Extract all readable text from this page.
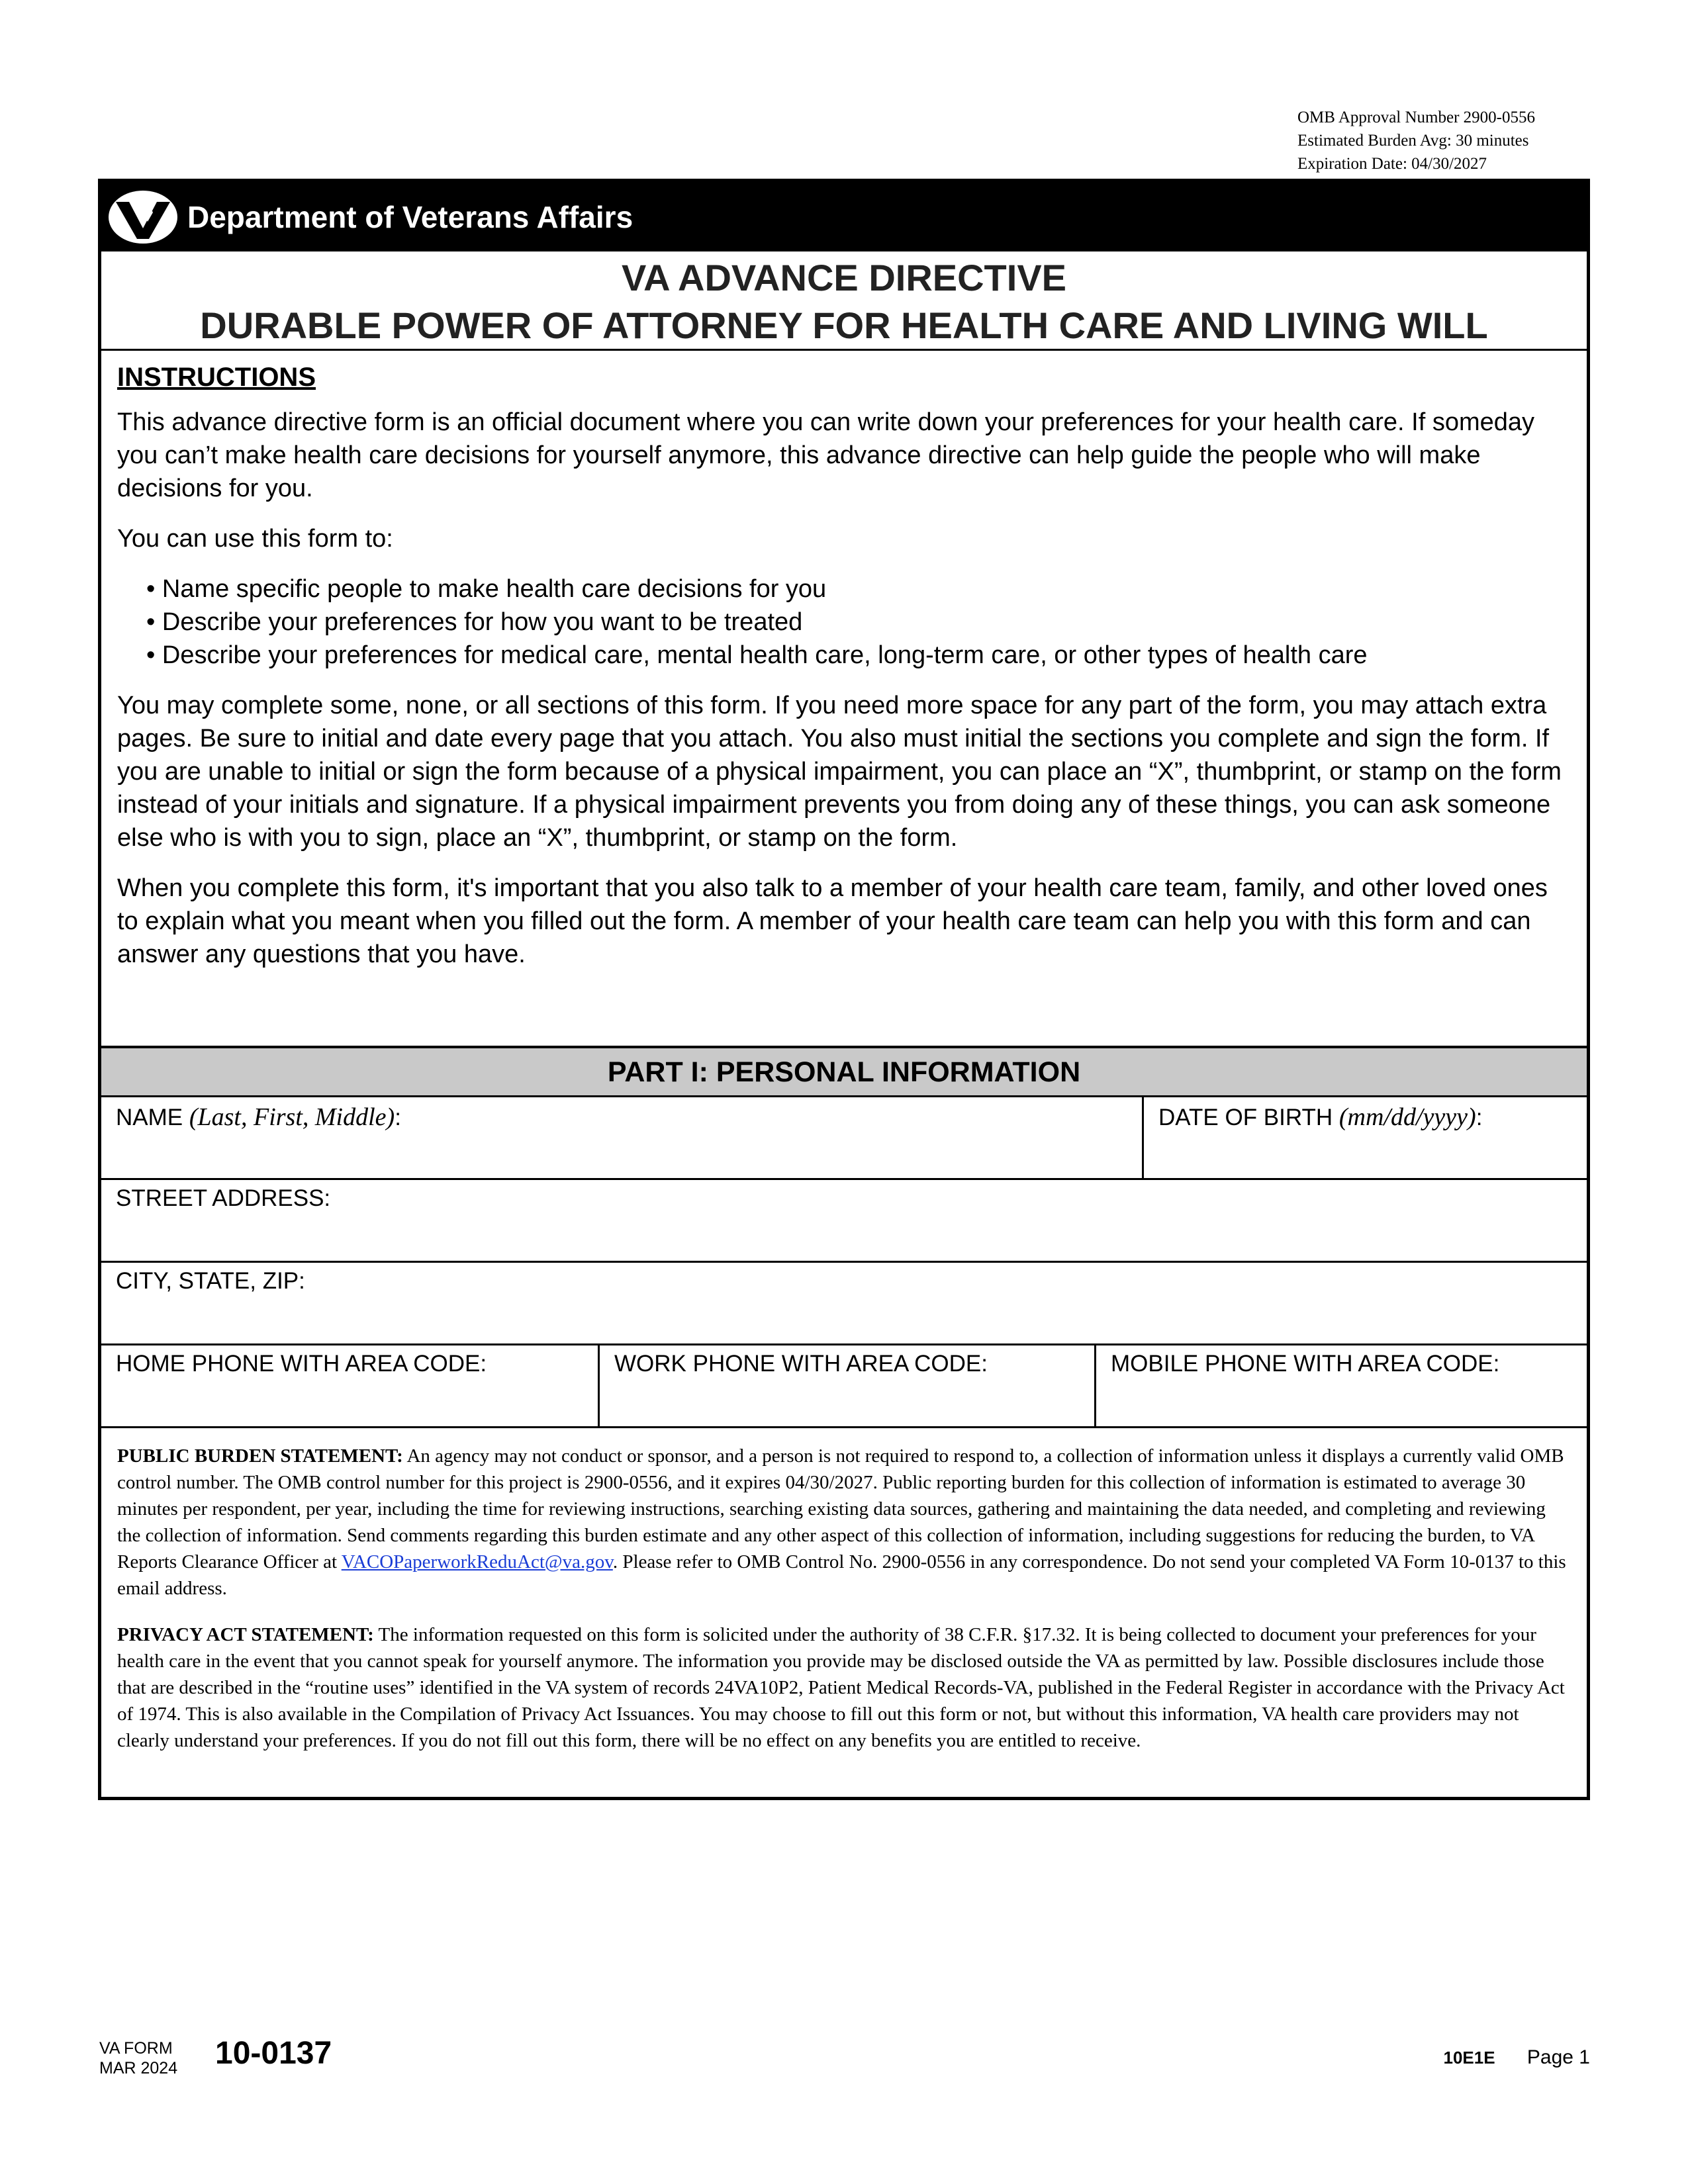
OMB Approval Number 2900-0556
Estimated Burden Avg: 30 minutes
Expiration Date: 04/30/2027
Department of Veterans Affairs
VA ADVANCE DIRECTIVE
DURABLE POWER OF ATTORNEY FOR HEALTH CARE AND LIVING WILL
INSTRUCTIONS

This advance directive form is an official document where you can write down your preferences for your health care. If someday you can’t make health care decisions for yourself anymore, this advance directive can help guide the people who will make decisions for you.

You can use this form to:

• Name specific people to make health care decisions for you
• Describe your preferences for how you want to be treated
• Describe your preferences for medical care, mental health care, long-term care, or other types of health care

You may complete some, none, or all sections of this form. If you need more space for any part of the form, you may attach extra pages. Be sure to initial and date every page that you attach. You also must initial the sections you complete and sign the form. If you are unable to initial or sign the form because of a physical impairment, you can place an “X”, thumbprint, or stamp on the form instead of your initials and signature. If a physical impairment prevents you from doing any of these things, you can ask someone else who is with you to sign, place an “X”, thumbprint, or stamp on the form.

When you complete this form, it's important that you also talk to a member of your health care team, family, and other loved ones to explain what you meant when you filled out the form. A member of your health care team can help you with this form and can answer any questions that you have.

PART I: PERSONAL INFORMATION
NAME (Last, First, Middle):	DATE OF BIRTH (mm/dd/yyyy):
STREET ADDRESS:
CITY, STATE, ZIP:
HOME PHONE WITH AREA CODE:	WORK PHONE WITH AREA CODE:	MOBILE PHONE WITH AREA CODE:

PUBLIC BURDEN STATEMENT: An agency may not conduct or sponsor, and a person is not required to respond to, a collection of information unless it displays a currently valid OMB control number. The OMB control number for this project is 2900-0556, and it expires 04/30/2027. Public reporting burden for this collection of information is estimated to average 30 minutes per respondent, per year, including the time for reviewing instructions, searching existing data sources, gathering and maintaining the data needed, and completing and reviewing the collection of information. Send comments regarding this burden estimate and any other aspect of this collection of information, including suggestions for reducing the burden, to VA Reports Clearance Officer at VACOPaperworkReduAct@va.gov. Please refer to OMB Control No. 2900-0556 in any correspondence. Do not send your completed VA Form 10-0137 to this email address.

PRIVACY ACT STATEMENT: The information requested on this form is solicited under the authority of 38 C.F.R. §17.32. It is being collected to document your preferences for your health care in the event that you cannot speak for yourself anymore. The information you provide may be disclosed outside the VA as permitted by law. Possible disclosures include those that are described in the “routine uses” identified in the VA system of records 24VA10P2, Patient Medical Records-VA, published in the Federal Register in accordance with the Privacy Act of 1974. This is also available in the Compilation of Privacy Act Issuances. You may choose to fill out this form or not, but without this information, VA health care providers may not clearly understand your preferences. If you do not fill out this form, there will be no effect on any benefits you are entitled to receive.

VA FORM
MAR 2024 10-0137	10E1E Page 1
